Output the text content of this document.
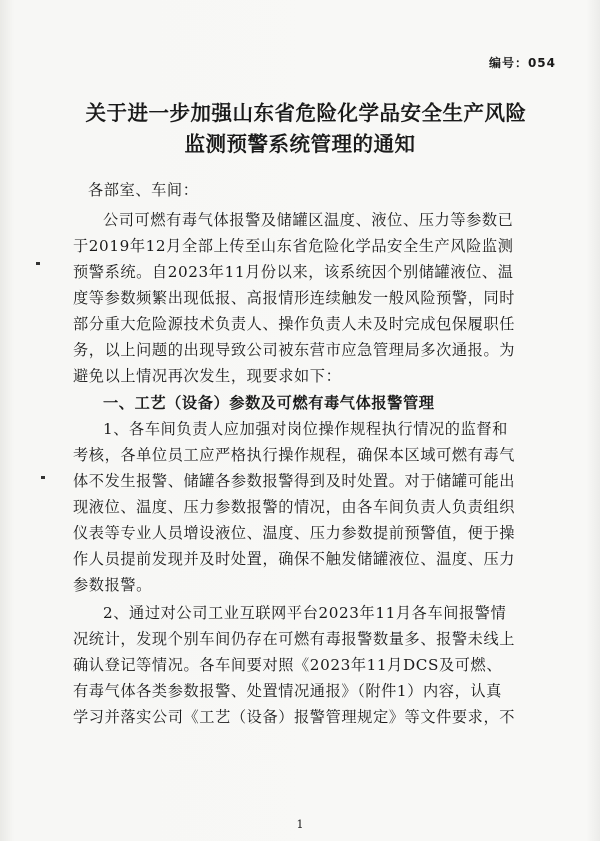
编号：054
关于进一步加强山东省危险化学品安全生产风险
监测预警系统管理的通知
各部室、车间：
公司可燃有毒气体报警及储罐区温度、液位、压力等参数已
于2019年12月全部上传至山东省危险化学品安全生产风险监测
预警系统。自2023年11月份以来，该系统因个别储罐液位、温
度等参数频繁出现低报、高报情形连续触发一般风险预警，同时
部分重大危险源技术负责人、操作负责人未及时完成包保履职任
务，以上问题的出现导致公司被东营市应急管理局多次通报。为
避免以上情况再次发生，现要求如下：
一、工艺（设备）参数及可燃有毒气体报警管理
1、各车间负责人应加强对岗位操作规程执行情况的监督和
考核，各单位员工应严格执行操作规程，确保本区域可燃有毒气
体不发生报警、储罐各参数报警得到及时处置。对于储罐可能出
现液位、温度、压力参数报警的情况，由各车间负责人负责组织
仪表等专业人员增设液位、温度、压力参数提前预警值，便于操
作人员提前发现并及时处置，确保不触发储罐液位、温度、压力
参数报警。
2、通过对公司工业互联网平台2023年11月各车间报警情
况统计，发现个别车间仍存在可燃有毒报警数量多、报警未线上
确认登记等情况。各车间要对照《2023年11月DCS及可燃、
有毒气体各类参数报警、处置情况通报》（附件1）内容，认真
学习并落实公司《工艺（设备）报警管理规定》等文件要求，不
1
